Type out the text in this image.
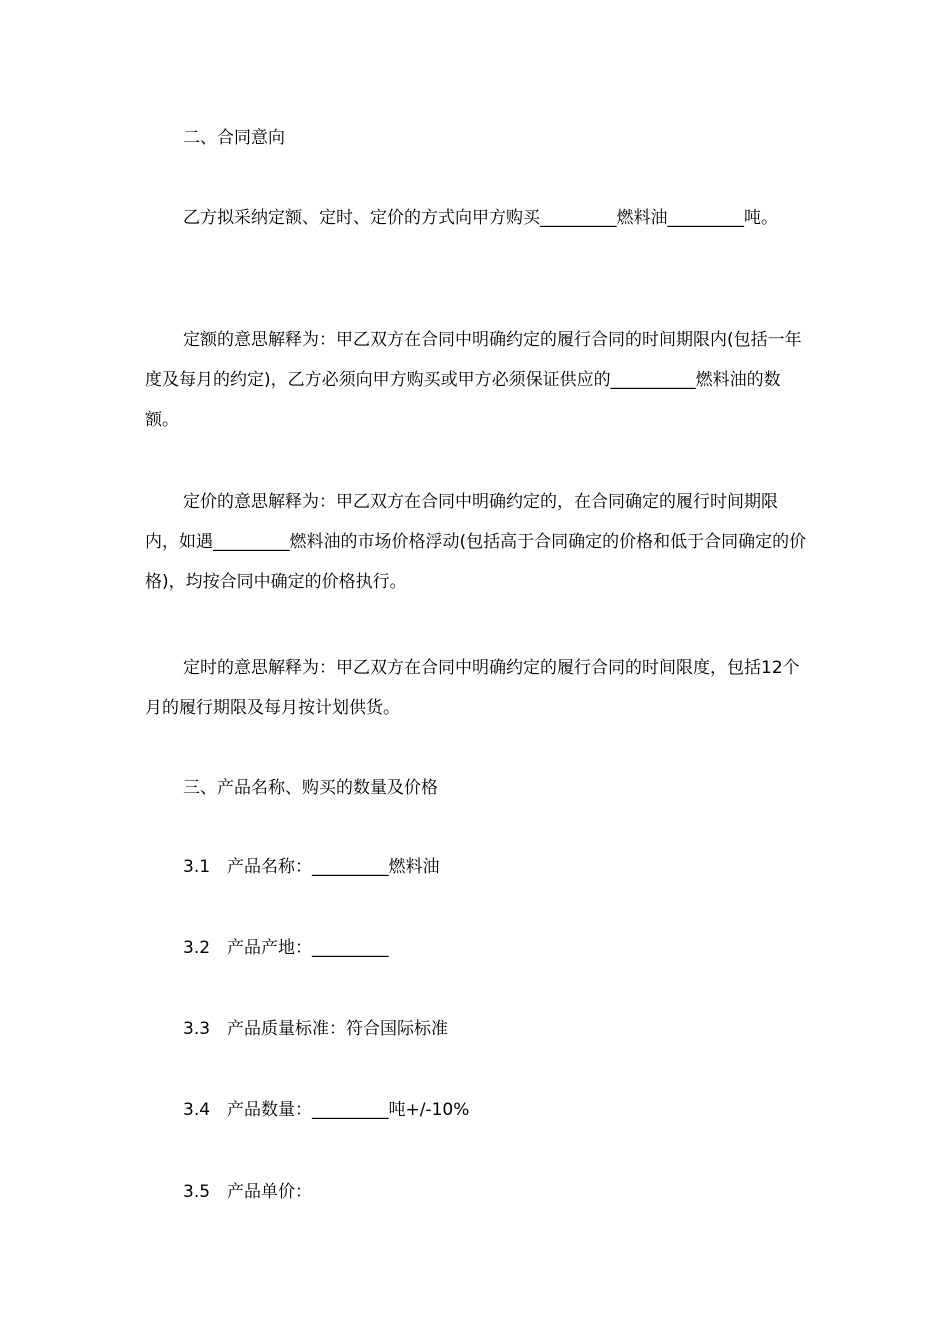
二、合同意向

乙方拟采纳定额、定时、定价的方式向甲方购买_________燃料油_________吨。

定额的意思解释为：甲乙双方在合同中明确约定的履行合同的时间期限内(包括一年度及每月的约定)，乙方必须向甲方购买或甲方必须保证供应的__________燃料油的数额。

定价的意思解释为：甲乙双方在合同中明确约定的，在合同确定的履行时间期限内，如遇_________燃料油的市场价格浮动(包括高于合同确定的价格和低于合同确定的价格)，均按合同中确定的价格执行。

定时的意思解释为：甲乙双方在合同中明确约定的履行合同的时间限度，包括12个月的履行期限及每月按计划供货。

三、产品名称、购买的数量及价格

3.1 产品名称：_________燃料油

3.2 产品产地：_________

3.3 产品质量标准：符合国际标准

3.4 产品数量：_________吨+/-10%

3.5 产品单价：
